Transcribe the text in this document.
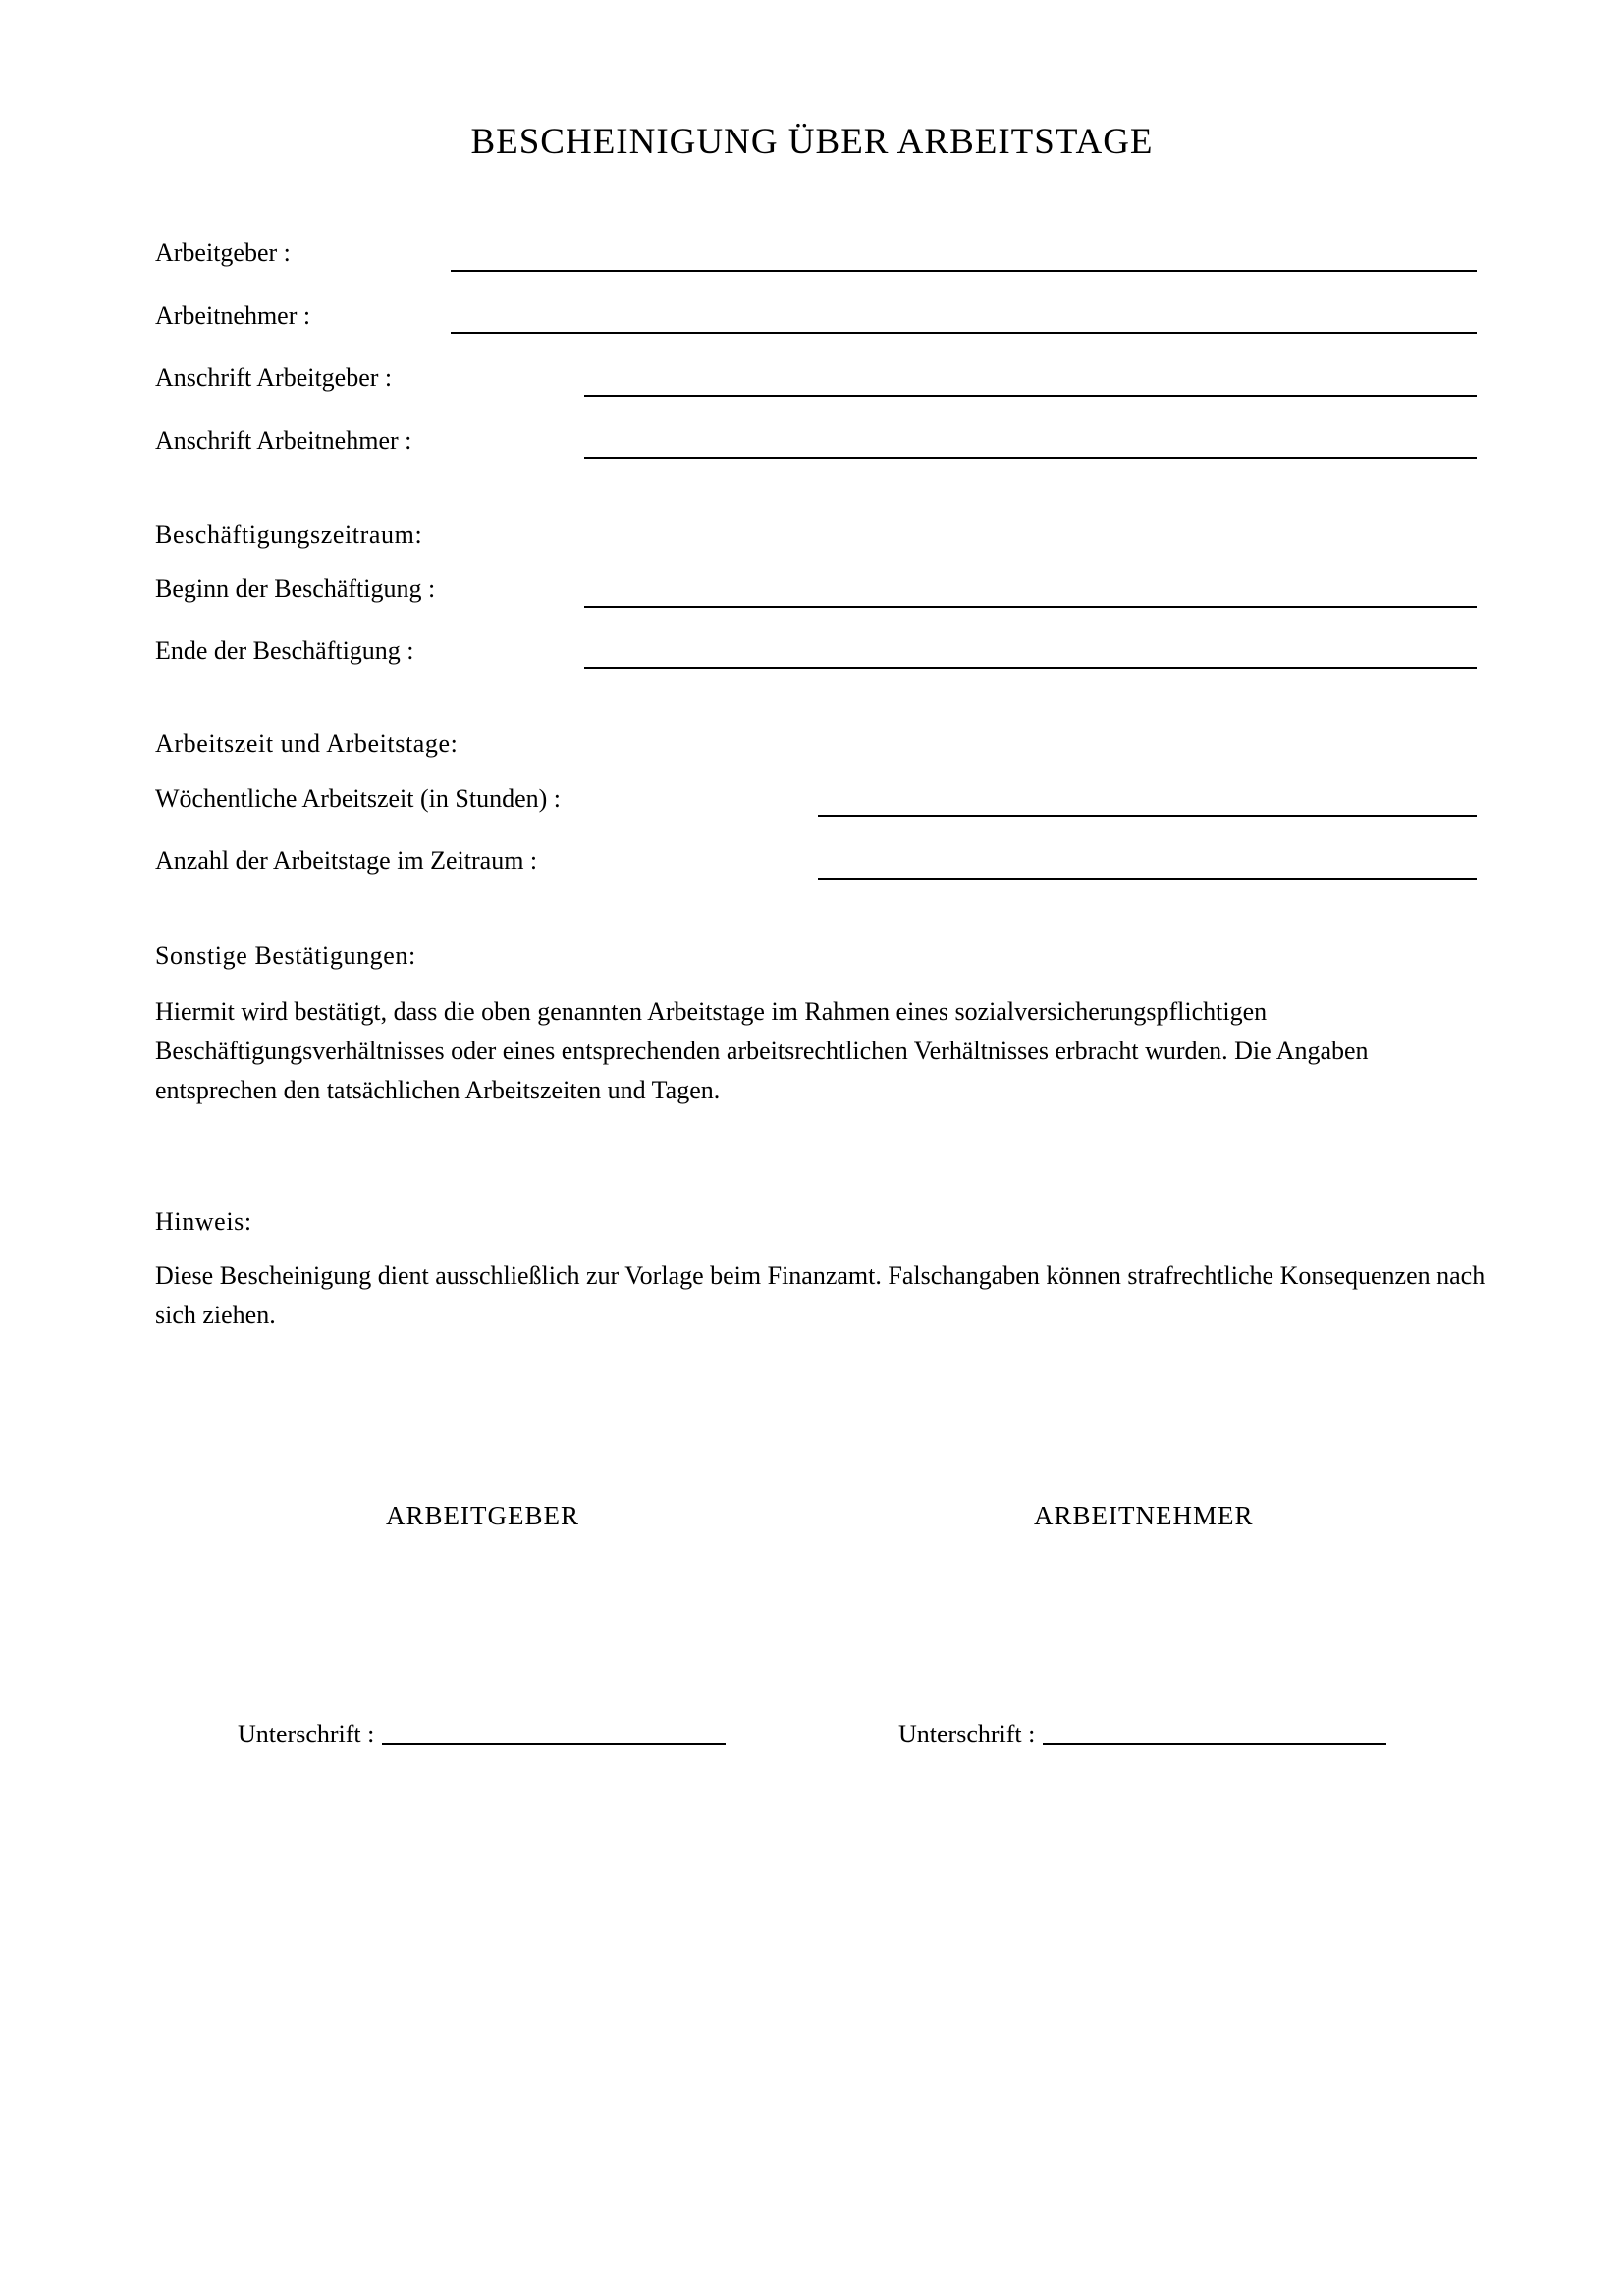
BESCHEINIGUNG ÜBER ARBEITSTAGE
Arbeitgeber :
Arbeitnehmer :
Anschrift Arbeitgeber :
Anschrift Arbeitnehmer :
Beschäftigungszeitraum:
Beginn der Beschäftigung :
Ende der Beschäftigung :
Arbeitszeit und Arbeitstage:
Wöchentliche Arbeitszeit (in Stunden) :
Anzahl der Arbeitstage im Zeitraum :
Sonstige Bestätigungen:
Hiermit wird bestätigt, dass die oben genannten Arbeitstage im Rahmen eines sozialversicherungspflichtigen Beschäftigungsverhältnisses oder eines entsprechenden arbeitsrechtlichen Verhältnisses erbracht wurden. Die Angaben entsprechen den tatsächlichen Arbeitszeiten und Tagen.
Hinweis:
Diese Bescheinigung dient ausschließlich zur Vorlage beim Finanzamt. Falschangaben können strafrechtliche Konsequenzen nach sich ziehen.
ARBEITGEBER	ARBEITNEHMER
Unterschrift :	Unterschrift :
